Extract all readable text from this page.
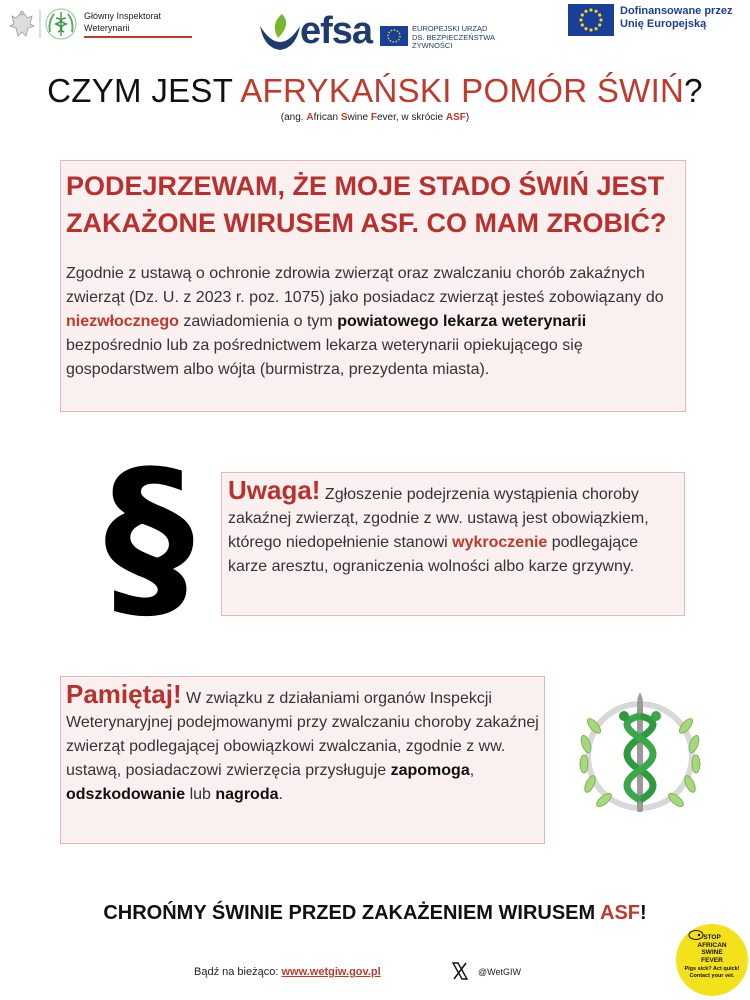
Główny Inspektorat
Weterynarii	efsa	EUROPEJSKI URZĄD
DS. BEZPIECZEŃSTWA
ŻYWNOŚCI
Dofinansowane przez
Unię Europejską
CZYM JEST AFRYKAŃSKI POMÓR ŚWIŃ?
(ang. African Swine Fever, w skrócie ASF)
PODEJRZEWAM, ŻE MOJE STADO ŚWIŃ JEST ZAKAŻONE WIRUSEM ASF. CO MAM ZROBIĆ?
Zgodnie z ustawą o ochronie zdrowia zwierząt oraz zwalczaniu chorób zakaźnych zwierząt (Dz. U. z 2023 r. poz. 1075) jako posiadacz zwierząt jesteś zobowiązany do niezwłocznego zawiadomienia o tym powiatowego lekarza weterynarii bezpośrednio lub za pośrednictwem lekarza weterynarii opiekującego się gospodarstwem albo wójta (burmistrza, prezydenta miasta).
§ Uwaga! Zgłoszenie podejrzenia wystąpienia choroby zakaźnej zwierząt, zgodnie z ww. ustawą jest obowiązkiem, którego niedopełnienie stanowi wykroczenie podlegające karze aresztu, ograniczenia wolności albo karze grzywny.
Pamiętaj! W związku z działaniami organów Inspekcji Weterynaryjnej podejmowanymi przy zwalczaniu choroby zakaźnej zwierząt podlegającej obowiązkowi zwalczania, zgodnie z ww. ustawą, posiadaczowi zwierzęcia przysługuje zapomoga, odszkodowanie lub nagroda.
CHROŃMY ŚWINIE PRZED ZAKAŻENIEM WIRUSEM ASF!
Bądź na bieżąco: www.wetgiw.gov.pl	@WetGIW
STOP
AFRICAN
SWINE
FEVER
Pigs sick? Act quick!
Contact your vet.
